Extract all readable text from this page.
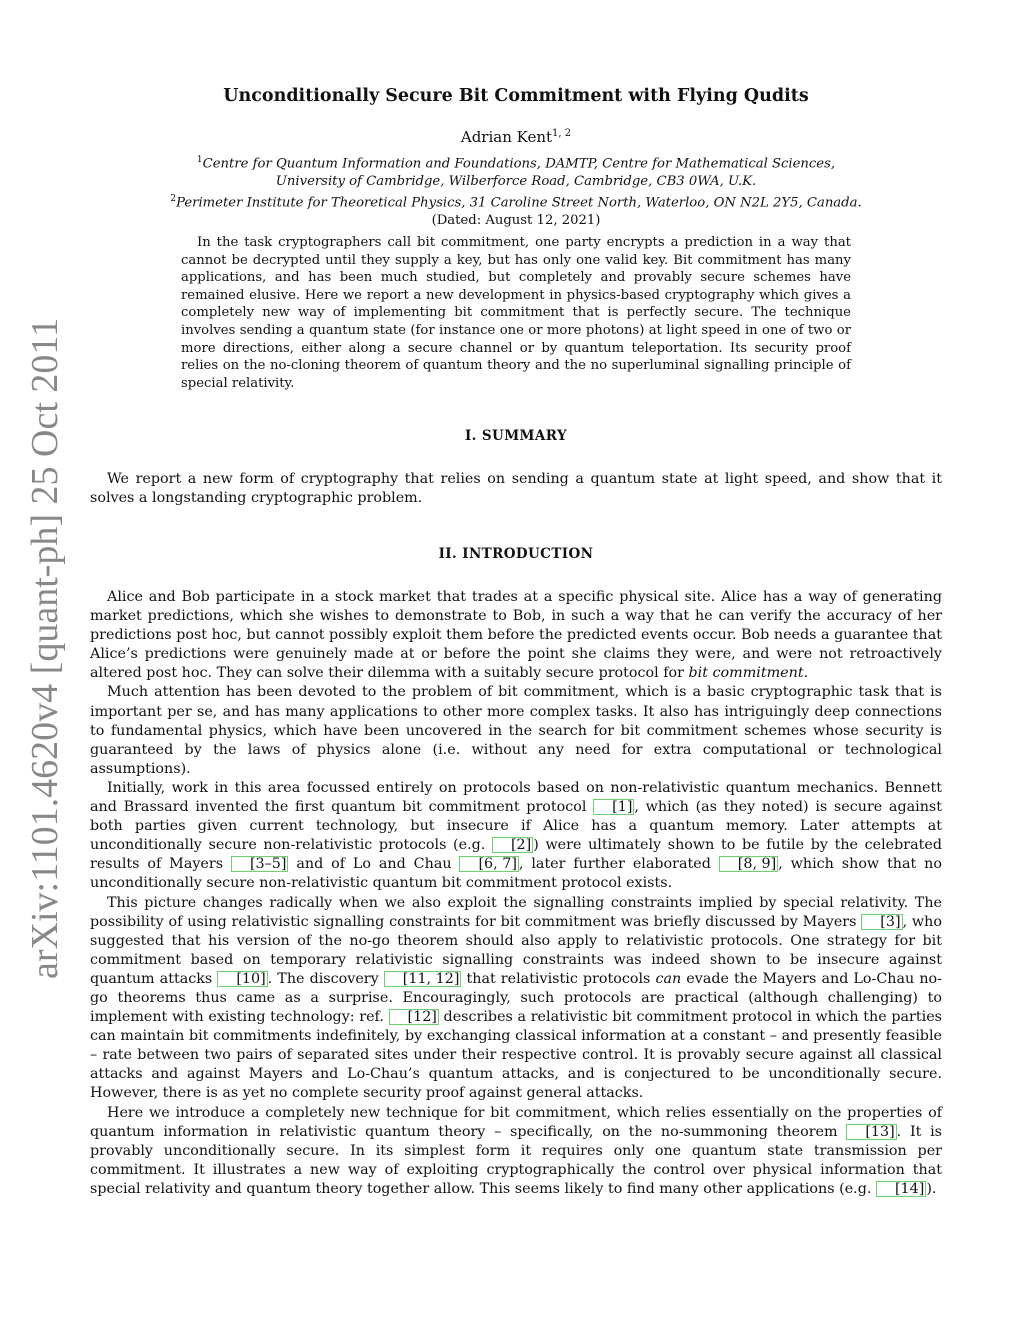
arXiv:1101.4620v4 [quant-ph] 25 Oct 2011
Unconditionally Secure Bit Commitment with Flying Qudits
Adrian Kent$^{1, 2}$
$^1$Centre for Quantum Information and Foundations, DAMTP, Centre for Mathematical Sciences,
University of Cambridge, Wilberforce Road, Cambridge, CB3 0WA, U.K.
$^2$Perimeter Institute for Theoretical Physics, 31 Caroline Street North, Waterloo, ON N2L 2Y5, Canada.
(Dated: August 12, 2021)
In the task cryptographers call bit commitment, one party encrypts a prediction in a way that cannot be decrypted until they supply a key, but has only one valid key. Bit commitment has many applications, and has been much studied, but completely and provably secure schemes have remained elusive. Here we report a new development in physics-based cryptography which gives a completely new way of implementing bit commitment that is perfectly secure. The technique involves sending a quantum state (for instance one or more photons) at light speed in one of two or more directions, either along a secure channel or by quantum teleportation. Its security proof relies on the no-cloning theorem of quantum theory and the no superluminal signalling principle of special relativity.
I. SUMMARY

We report a new form of cryptography that relies on sending a quantum state at light speed, and show that it solves a longstanding cryptographic problem.

II. INTRODUCTION

Alice and Bob participate in a stock market that trades at a specific physical site. Alice has a way of generating market predictions, which she wishes to demonstrate to Bob, in such a way that he can verify the accuracy of her predictions post hoc, but cannot possibly exploit them before the predicted events occur. Bob needs a guarantee that Alice’s predictions were genuinely made at or before the point she claims they were, and were not retroactively altered post hoc. They can solve their dilemma with a suitably secure protocol for bit commitment.

Much attention has been devoted to the problem of bit commitment, which is a basic cryptographic task that is important per se, and has many applications to other more complex tasks. It also has intriguingly deep connections to fundamental physics, which have been uncovered in the search for bit commitment schemes whose security is guaranteed by the laws of physics alone (i.e. without any need for extra computational or technological assumptions).

Initially, work in this area focussed entirely on protocols based on non-relativistic quantum mechanics. Bennett and Brassard invented the first quantum bit commitment protocol [1] , which (as they noted) is secure against both parties given current technology, but insecure if Alice has a quantum memory. Later attempts at unconditionally secure non-relativistic protocols (e.g. [2] ) were ultimately shown to be futile by the celebrated results of Mayers [3–5] and of Lo and Chau [6, 7] , later further elaborated [8, 9] , which show that no unconditionally secure non-relativistic quantum bit commitment protocol exists.

This picture changes radically when we also exploit the signalling constraints implied by special relativity. The possibility of using relativistic signalling constraints for bit commitment was briefly discussed by Mayers [3] , who suggested that his version of the no-go theorem should also apply to relativistic protocols. One strategy for bit commitment based on temporary relativistic signalling constraints was indeed shown to be insecure against quantum attacks [10] . The discovery [11, 12] that relativistic protocols can evade the Mayers and Lo-Chau no-go theorems thus came as a surprise. Encouragingly, such protocols are practical (although challenging) to implement with existing technology: ref. [12] describes a relativistic bit commitment protocol in which the parties can maintain bit commitments indefinitely, by exchanging classical information at a constant – and presently feasible – rate between two pairs of separated sites under their respective control. It is provably secure against all classical attacks and against Mayers and Lo-Chau’s quantum attacks, and is conjectured to be unconditionally secure. However, there is as yet no complete security proof against general attacks.

Here we introduce a completely new technique for bit commitment, which relies essentially on the properties of quantum information in relativistic quantum theory – specifically, on the no-summoning theorem [13] . It is provably unconditionally secure. In its simplest form it requires only one quantum state transmission per commitment. It illustrates a new way of exploiting cryptographically the control over physical information that special relativity and quantum theory together allow. This seems likely to find many other applications (e.g. [14] ).
